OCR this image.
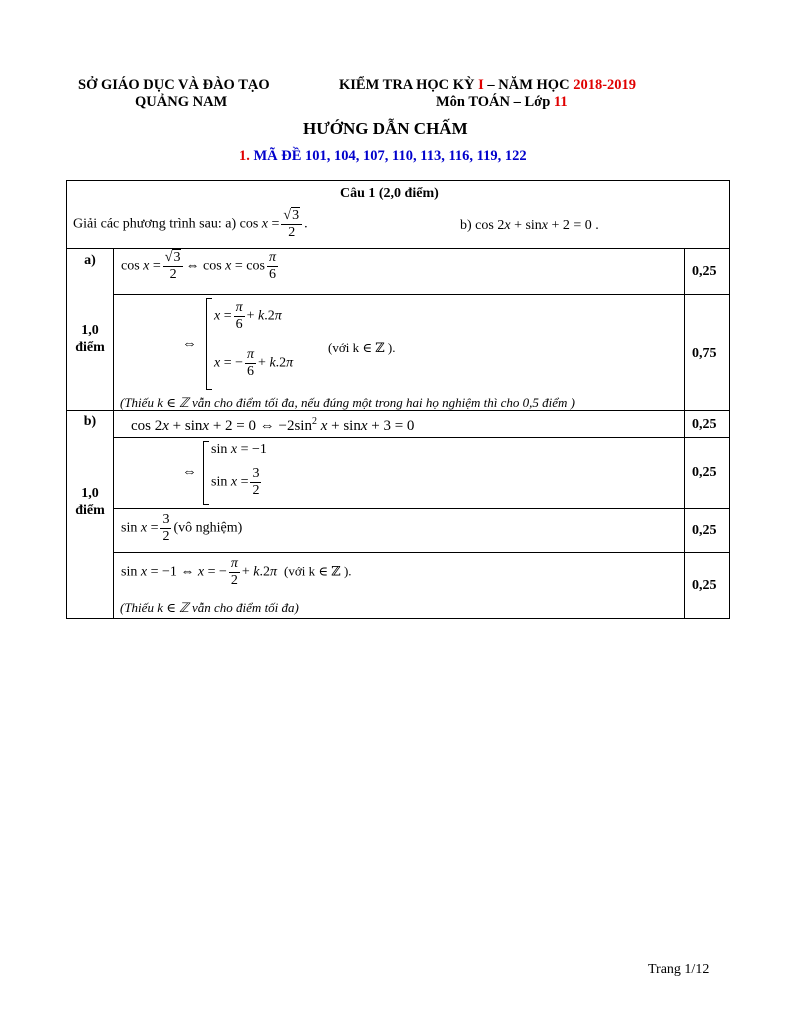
SỞ GIÁO DỤC VÀ ĐÀO TẠO
QUẢNG NAM
KIỂM TRA HỌC KỲ I – NĂM HỌC 2018-2019
Môn TOÁN – Lớp 11
HƯỚNG DẪN CHẤM
1. MÃ ĐỀ 101, 104, 107, 110, 113, 116, 119, 122
Câu 1 (2,0 điểm)
Giải các phương trình sau: a) $\cos x = \frac{√3}{2}$ .	b) cos 2x + sinx + 2 = 0 .
a)
1,0
điểm
$\cos x = \frac{√3}{2}$ ⇔ $\cos x = \cos \frac{\pi}{6}$	0,25
⇔
$x = \frac{\pi}{6} + k.2\pi$
x = − $\frac{\pi}{6} + k.2\pi$
(với k ∈ ℤ ).	0,75
(Thiếu k ∈ ℤ vẫn cho điểm tối đa, nếu đúng một trong hai họ nghiệm thì cho 0,5 điểm )
b)
1,0
điểm
cos 2x + sinx + 2 = 0 ⇔ $-2\sin^2$ x + sinx + 3 = 0	0,25
⇔
sin x = −1
$\sin x = \frac{3}{2}$	0,25
$\sin x = \frac{3}{2}$ (vô nghiệm)	0,25
sin x = −1 ⇔ x = − $\frac{\pi}{2} + k.2\pi$ (với k ∈ ℤ ).
0,25
(Thiếu k ∈ ℤ vẫn cho điểm tối đa)
Trang 1/12
